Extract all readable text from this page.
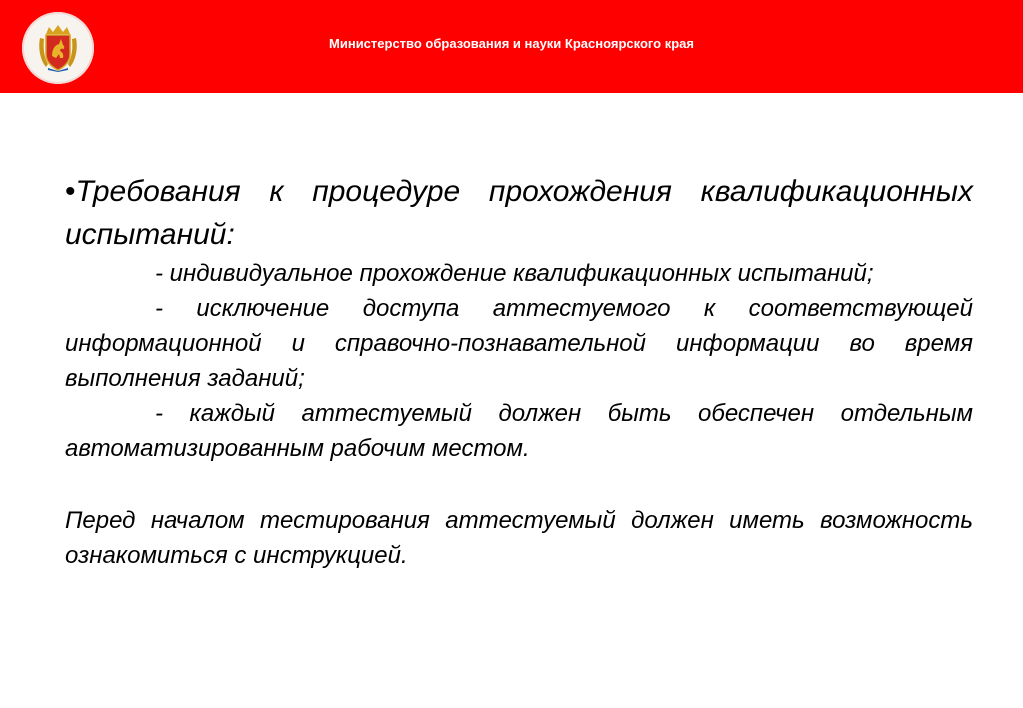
Министерство образования и науки Красноярского края

•Требования к процедуре прохождения квалификационных испытаний:

- индивидуальное прохождение квалификационных испытаний;

- исключение доступа аттестуемого к соответствующей информационной и справочно-познавательной информации во время выполнения заданий;

- каждый аттестуемый должен быть обеспечен отдельным автоматизированным рабочим местом.

Перед началом тестирования аттестуемый должен иметь возможность ознакомиться с инструкцией.
